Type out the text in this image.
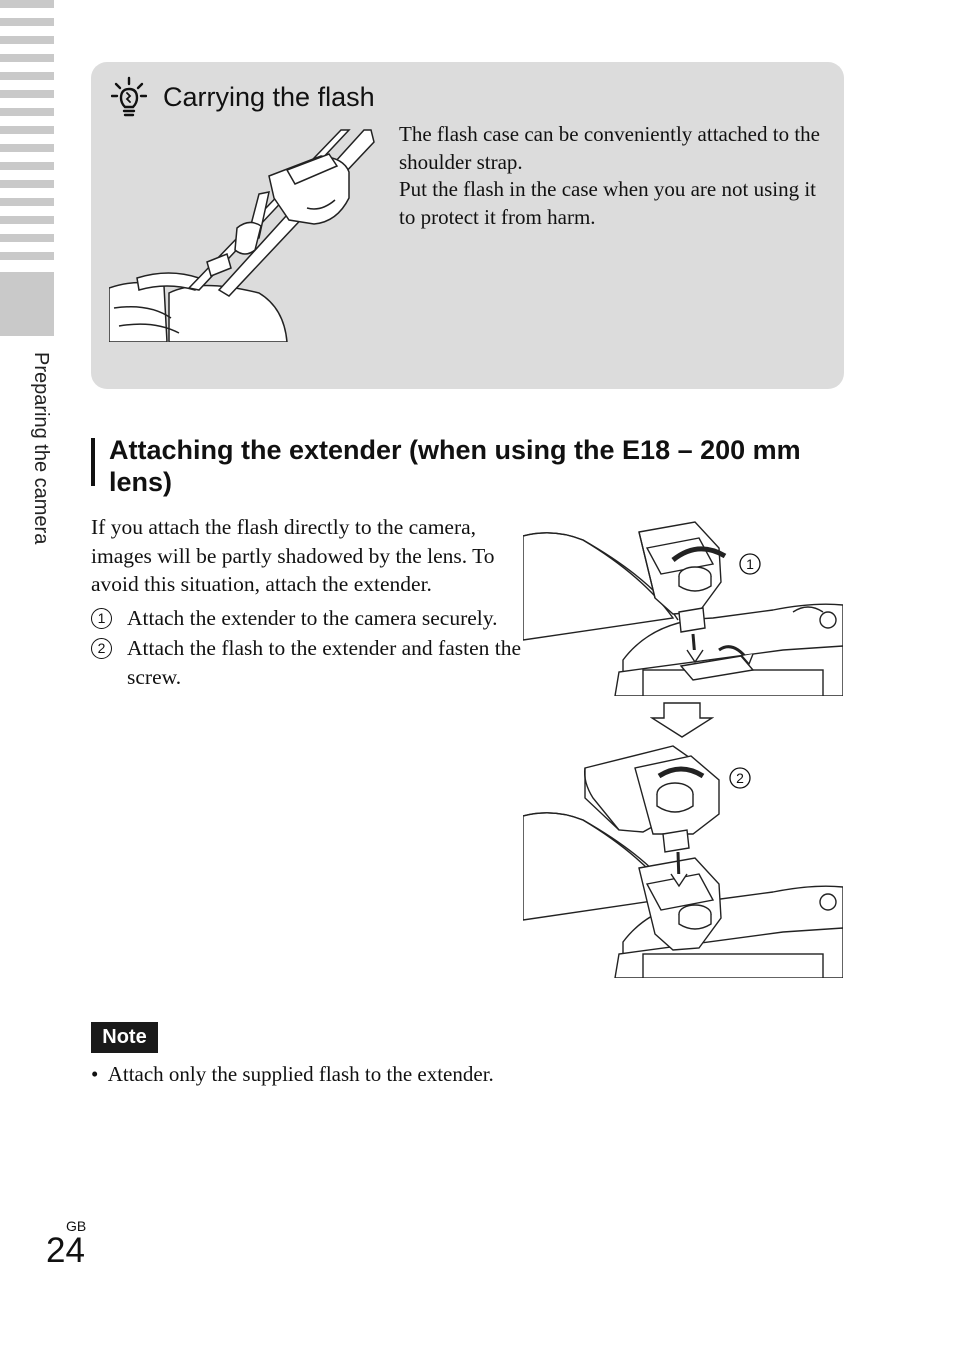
Preparing the camera
Carrying the flash

The flash case can be conveniently attached to the shoulder strap.

Put the flash in the case when you are not using it to protect it from harm.

Attaching the extender (when using the E18 – 200 mm lens)

If you attach the flash directly to the camera, images will be partly shadowed by the lens. To avoid this situation, attach the extender.

1	Attach the extender to the camera securely.
2	Attach the flash to the extender and fasten the screw.
1
2
Note
•  Attach only the supplied flash to the extender.
GB
24
